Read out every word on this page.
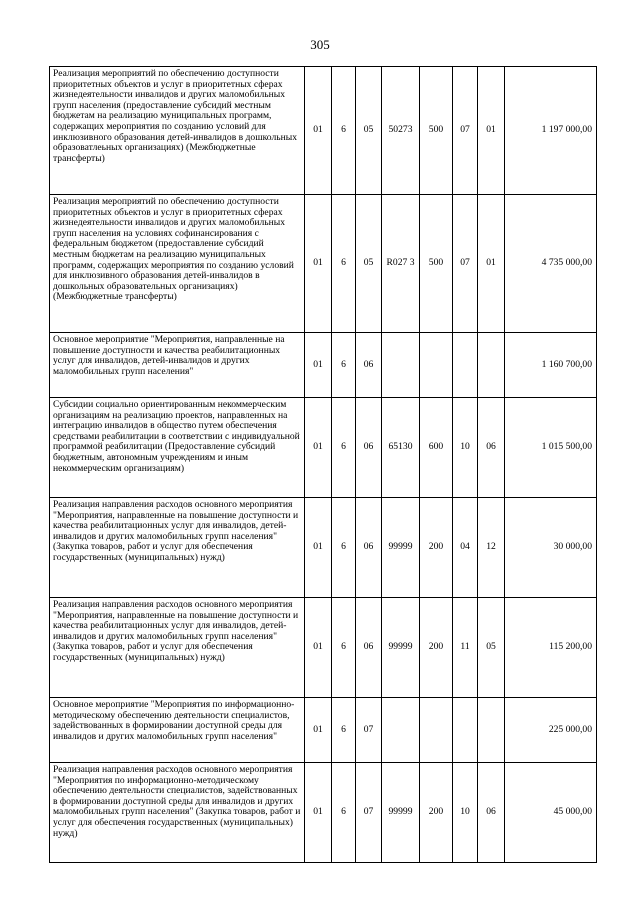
305
Реализация мероприятий по обеспечению доступности приоритетных объектов и услуг в приоритетных сферах жизнедеятельности инвалидов и других маломобильных групп населения (предоставление субсидий местным бюджетам на реализацию муниципальных программ, содержащих мероприятия по созданию условий для инклюзивного образования детей-инвалидов в дошкольных образоватлеьных организациях) (Межбюджетные трансферты)	01	6	05	50273	500	07	01	1 197 000,00
Реализация мероприятий по обеспечению доступности приоритетных объектов и услуг в приоритетных сферах жизнедеятельности инвалидов и других маломобильных групп населения на условиях софинансирования с федеральным бюджетом (предоставление субсидий местным бюджетам на реализацию муниципальных программ, содержащих мероприятия по созданию условий для инклюзивного образования детей-инвалидов в дошкольных образовательных организациях) (Межбюджетные трансферты)	01	6	05	R027 3	500	07	01	4 735 000,00
Основное мероприятие "Мероприятия, направленные на повышение доступности и качества реабилитационных услуг для инвалидов, детей-инвалидов и других маломобильных групп населения"	01	6	06					1 160 700,00
Субсидии социально ориентированным некоммерческим организациям на реализацию проектов, направленных на интеграцию инвалидов в общество путем обеспечения средствами реабилитации в соответствии с индивидуальной программой реабилитации (Предоставление субсидий бюджетным, автономным учреждениям и иным некоммерческим организациям)	01	6	06	65130	600	10	06	1 015 500,00
Реализация направления расходов основного мероприятия "Мероприятия, направленные на повышение доступности и качества реабилитационных услуг для инвалидов, детей-инвалидов и других маломобильных групп населения" (Закупка товаров, работ и услуг для обеспечения государственных (муниципальных) нужд)	01	6	06	99999	200	04	12	30 000,00
Реализация направления расходов основного мероприятия "Мероприятия, направленные на повышение доступности и качества реабилитационных услуг для инвалидов, детей-инвалидов и других маломобильных групп населения" (Закупка товаров, работ и услуг для обеспечения государственных (муниципальных) нужд)	01	6	06	99999	200	11	05	115 200,00
Основное мероприятие "Мероприятия по информационно-методическому обеспечению деятельности специалистов, задействованных в формировании доступной среды для инвалидов и других маломобильных групп населения"	01	6	07					225 000,00
Реализация направления расходов основного мероприятия "Мероприятия по информационно-методическому обеспечению деятельности специалистов, задействованных в формировании доступной среды для инвалидов и других маломобильных групп населения" (Закупка товаров, работ и услуг для обеспечения государственных (муниципальных) нужд)	01	6	07	99999	200	10	06	45 000,00
